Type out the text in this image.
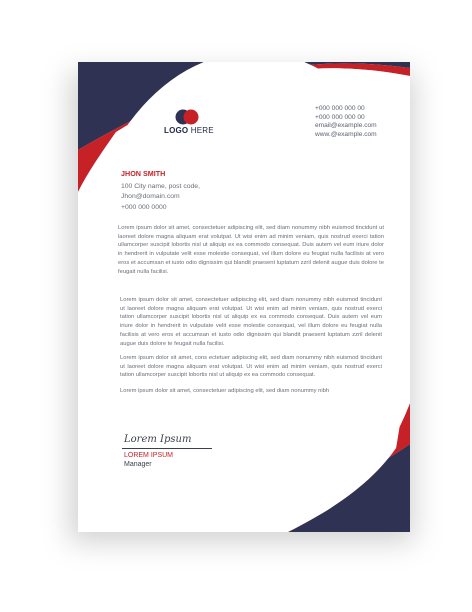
LOGO HERE
+000 000 000 00
+000 000 000 00
email@example.com
www.@example.com
JHON SMITH
100 City name, post code,
Jhon@domain.com
+000 000 0000
Lorem ipsum dolor sit amet, consectetuer adipiscing elit, sed diam nonummy nibh euismod tincidunt ut laoreet dolore magna aliquam erat volutpat. Ut wisi enim ad minim veniam, quis nostrud exerci tation ullamcorper suscipit lobortis nisl ut aliquip ex ea commodo consequat. Duis autem vel eum iriure dolor in hendrerit in vulputate velit esse molestie consequat, vel illum dolore eu feugiat nulla facilisis at vero eros et accumsan et iusto odio dignissim qui blandit praesent luptatum zzril delenit augue duis dolore te feugait nulla facilisi.
Lorem ipsum dolor sit amet, consectetuer adipiscing elit, sed diam nonummy nibh euismod tincidunt ut laoreet dolore magna aliquam erat volutpat. Ut wisi enim ad minim veniam, quis nostrud exerci tation ullamcorper suscipit lobortis nisl ut aliquip ex ea commodo consequat. Duis autem vel eum iriure dolor in hendrerit in vulputate velit esse molestie consequat, vel illum dolore eu feugiat nulla facilisis at vero eros et accumsan et iusto odio dignissim qui blandit praesent luptatum zzril delenit augue duis dolore te feugait nulla facilisi.
Lorem ipsum dolor sit amet, cons ectetuer adipiscing elit, sed diam nonummy nibh euismod tincidunt ut laoreet dolore magna aliquam erat volutpat. Ut wisi enim ad minim veniam, quis nostrud exerci tation ullamcorper suscipit lobortis nisl ut aliquip ex ea commodo consequat.
Lorem ipsum dolor sit amet, consectetuer adipiscing elit, sed diam nonummy nibh
Lorem Ipsum
LOREM IPSUM
Manager
